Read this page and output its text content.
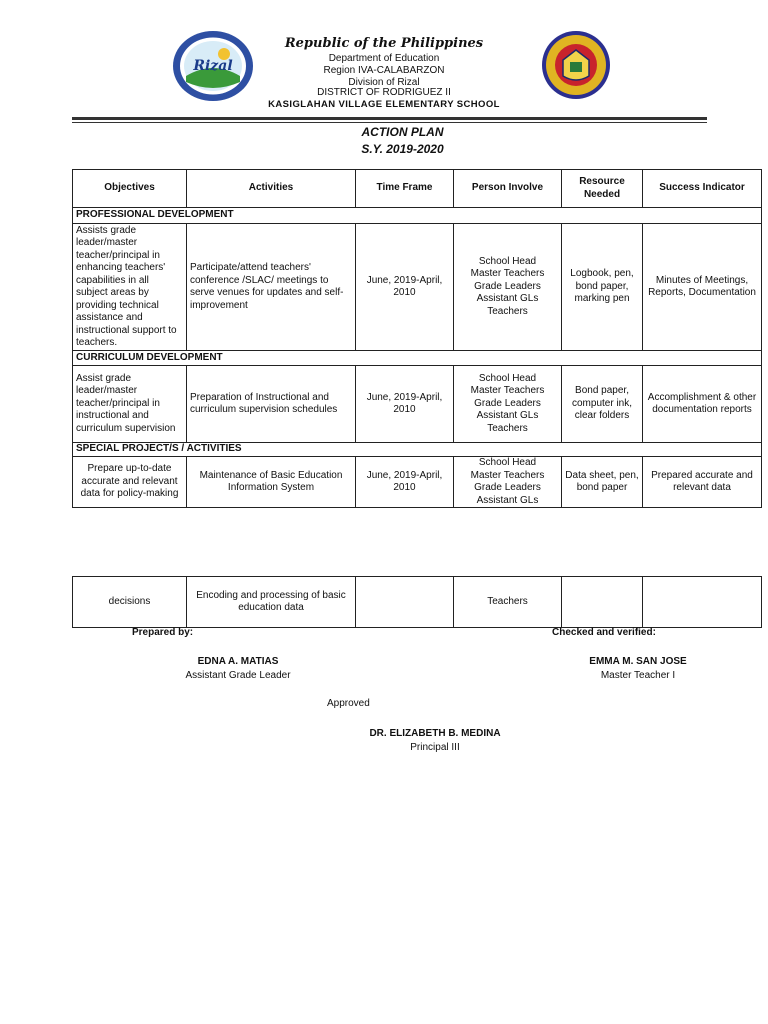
Rizal
Republic of the Philippines
Department of Education
Region IVA-CALABARZON
Division of Rizal
DISTRICT OF RODRIGUEZ II
KASIGLAHAN VILLAGE ELEMENTARY SCHOOL
ACTION PLAN
S.Y. 2019-2020
Objectives	Activities	Time Frame	Person Involve	Resource Needed	Success Indicator
PROFESSIONAL DEVELOPMENT					
Assists grade leader/master teacher/principal in enhancing teachers' capabilities in all subject areas by providing technical assistance and instructional support to teachers.	Participate/attend teachers' conference /SLAC/ meetings to serve venues for updates and self-improvement	June, 2019-April, 2010	School Head
Master Teachers
Grade Leaders
Assistant GLs
Teachers	Logbook, pen, bond paper, marking pen	Minutes of Meetings, Reports, Documentation
CURRICULUM DEVELOPMENT					
Assist grade leader/master teacher/principal in instructional and curriculum supervision	Preparation of Instructional and curriculum supervision schedules	June, 2019-April, 2010	School Head
Master Teachers
Grade Leaders
Assistant GLs
Teachers	Bond paper, computer ink, clear folders	Accomplishment & other documentation reports
SPECIAL PROJECT/S / ACTIVITIES					
Prepare up-to-date accurate and relevant data for policy-making	Maintenance of Basic Education Information System	June, 2019-April, 2010	School Head
Master Teachers
Grade Leaders
Assistant GLs	Data sheet, pen, bond paper	Prepared accurate and relevant data
decisions	Encoding and processing of basic education data		Teachers		
Prepared by:	Checked and verified:
EDNA A. MATIAS
Assistant Grade Leader
EMMA M. SAN JOSE
Master Teacher I
Approved
DR. ELIZABETH B. MEDINA
Principal III
